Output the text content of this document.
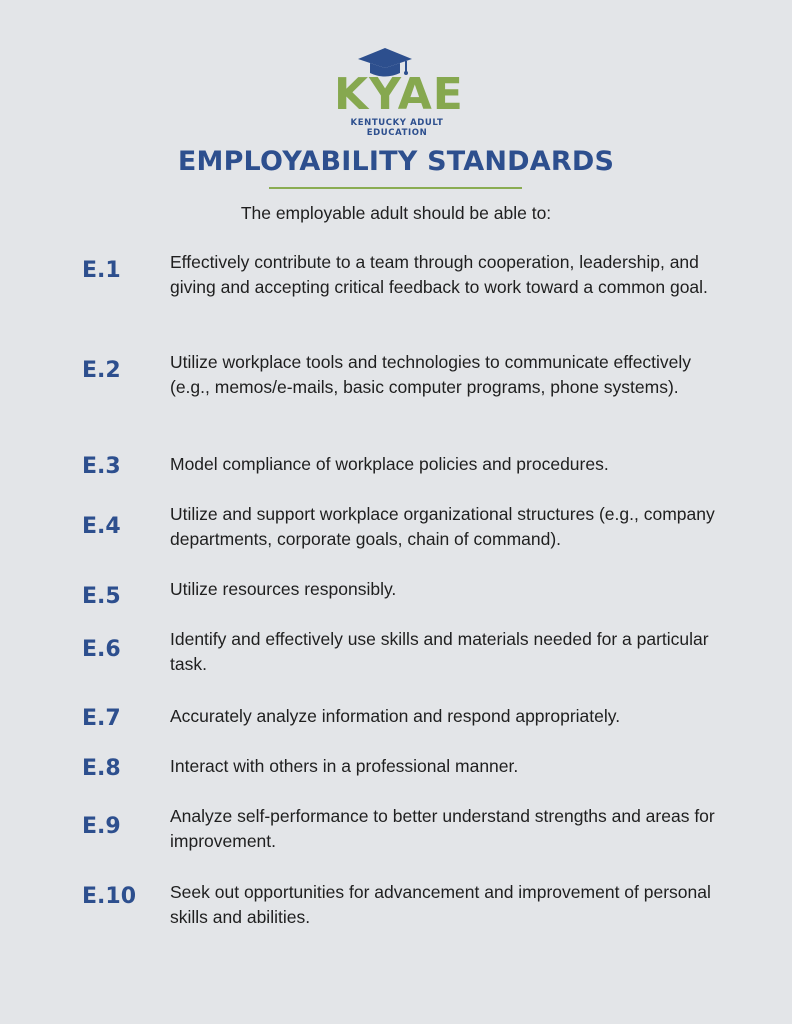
KYAE
KENTUCKY ADULT EDUCATION
EMPLOYABILITY STANDARDS
The employable adult should be able to:
E.1	Effectively contribute to a team through cooperation, leadership, and giving and accepting critical feedback to work toward a common goal.
E.2	Utilize workplace tools and technologies to communicate effectively (e.g., memos/e-mails, basic computer programs, phone systems).
E.3	Model compliance of workplace policies and procedures.
E.4	Utilize and support workplace organizational structures (e.g., company departments, corporate goals, chain of command).
E.5	Utilize resources responsibly.
E.6	Identify and effectively use skills and materials needed for a particular task.
E.7	Accurately analyze information and respond appropriately.
E.8	Interact with others in a professional manner.
E.9	Analyze self-performance to better understand strengths and areas for improvement.
E.10 Seek out opportunities for advancement and improvement of personal skills and abilities.
